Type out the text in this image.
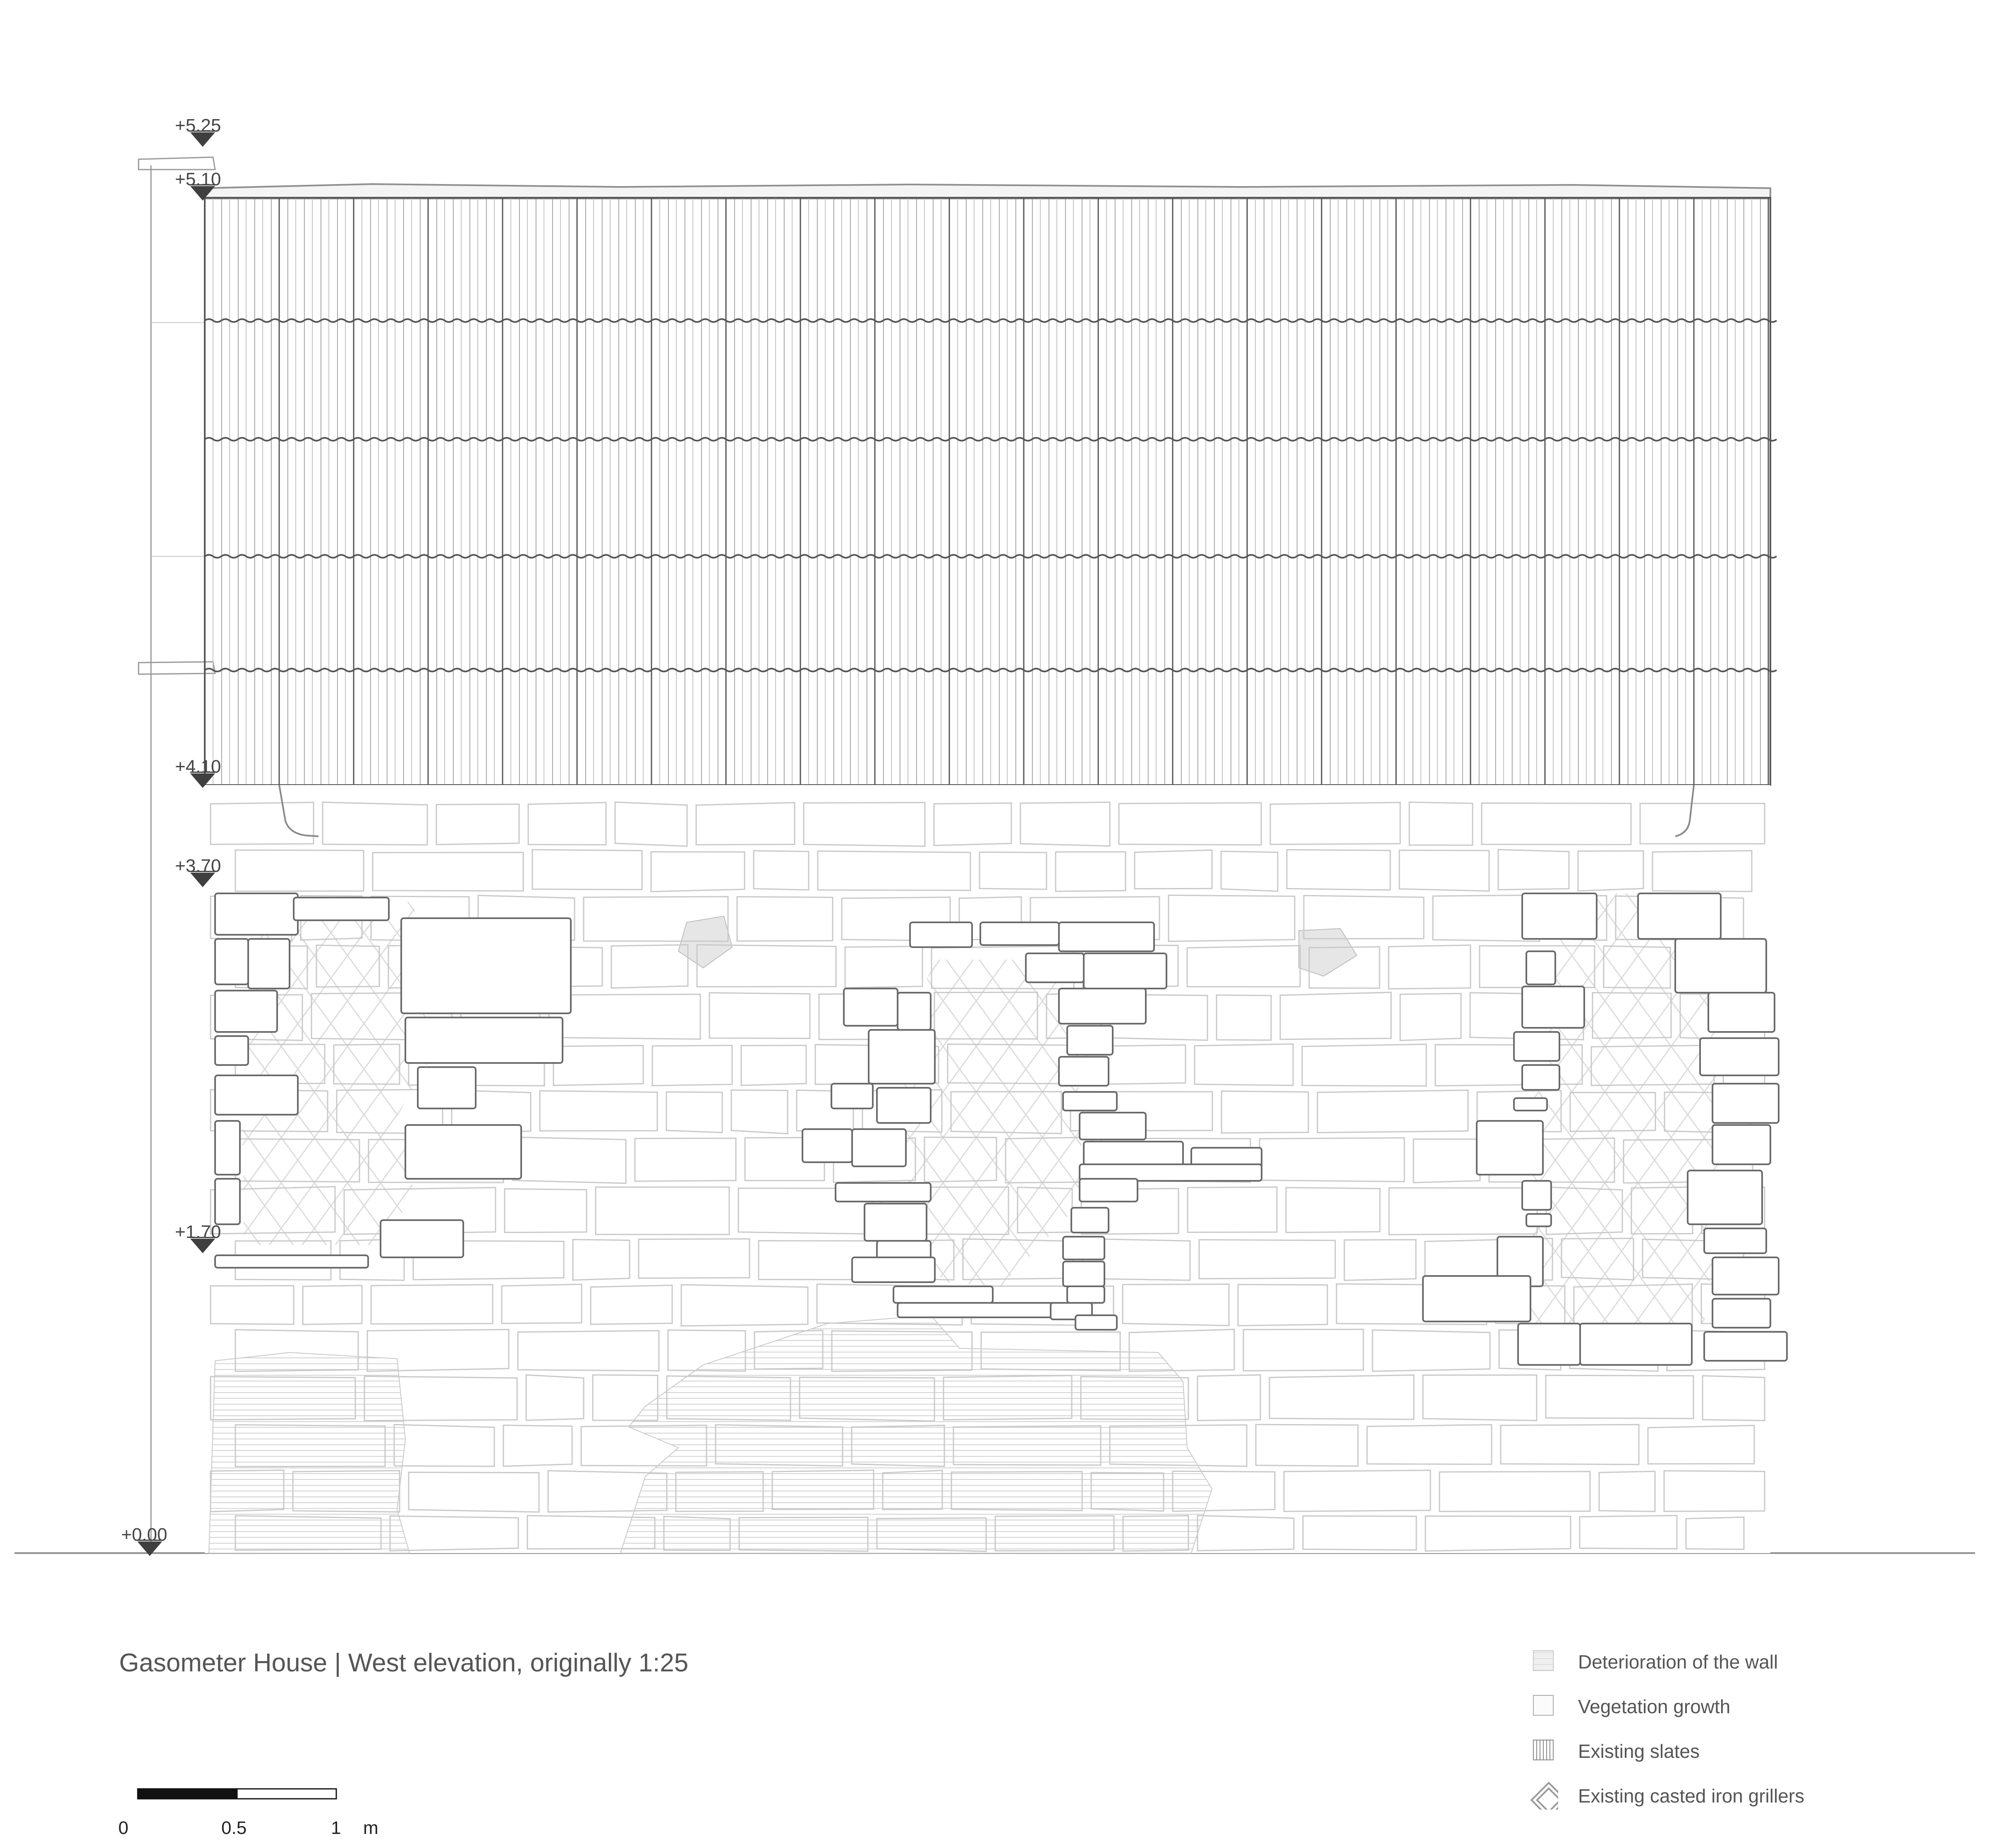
+5.25
+5.10
+4.10
+3.70
+1.70
+0.00
Gasometer House | West elevation, originally 1:25	Deterioration of the wall
Vegetation growth
Existing slates
Existing casted iron grillers
0	0.5	1 m
